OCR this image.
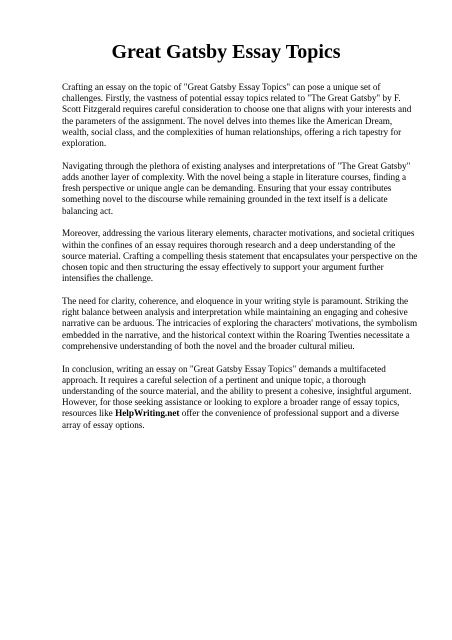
Great Gatsby Essay Topics

Crafting an essay on the topic of "Great Gatsby Essay Topics" can pose a unique set of
challenges. Firstly, the vastness of potential essay topics related to "The Great Gatsby" by F.
Scott Fitzgerald requires careful consideration to choose one that aligns with your interests and
the parameters of the assignment. The novel delves into themes like the American Dream,
wealth, social class, and the complexities of human relationships, offering a rich tapestry for
exploration.

Navigating through the plethora of existing analyses and interpretations of "The Great Gatsby"
adds another layer of complexity. With the novel being a staple in literature courses, finding a
fresh perspective or unique angle can be demanding. Ensuring that your essay contributes
something novel to the discourse while remaining grounded in the text itself is a delicate
balancing act.

Moreover, addressing the various literary elements, character motivations, and societal critiques
within the confines of an essay requires thorough research and a deep understanding of the
source material. Crafting a compelling thesis statement that encapsulates your perspective on the
chosen topic and then structuring the essay effectively to support your argument further
intensifies the challenge.

The need for clarity, coherence, and eloquence in your writing style is paramount. Striking the
right balance between analysis and interpretation while maintaining an engaging and cohesive
narrative can be arduous. The intricacies of exploring the characters' motivations, the symbolism
embedded in the narrative, and the historical context within the Roaring Twenties necessitate a
comprehensive understanding of both the novel and the broader cultural milieu.

In conclusion, writing an essay on "Great Gatsby Essay Topics" demands a multifaceted
approach. It requires a careful selection of a pertinent and unique topic, a thorough
understanding of the source material, and the ability to present a cohesive, insightful argument.
However, for those seeking assistance or looking to explore a broader range of essay topics,
resources like HelpWriting.net offer the convenience of professional support and a diverse
array of essay options.
